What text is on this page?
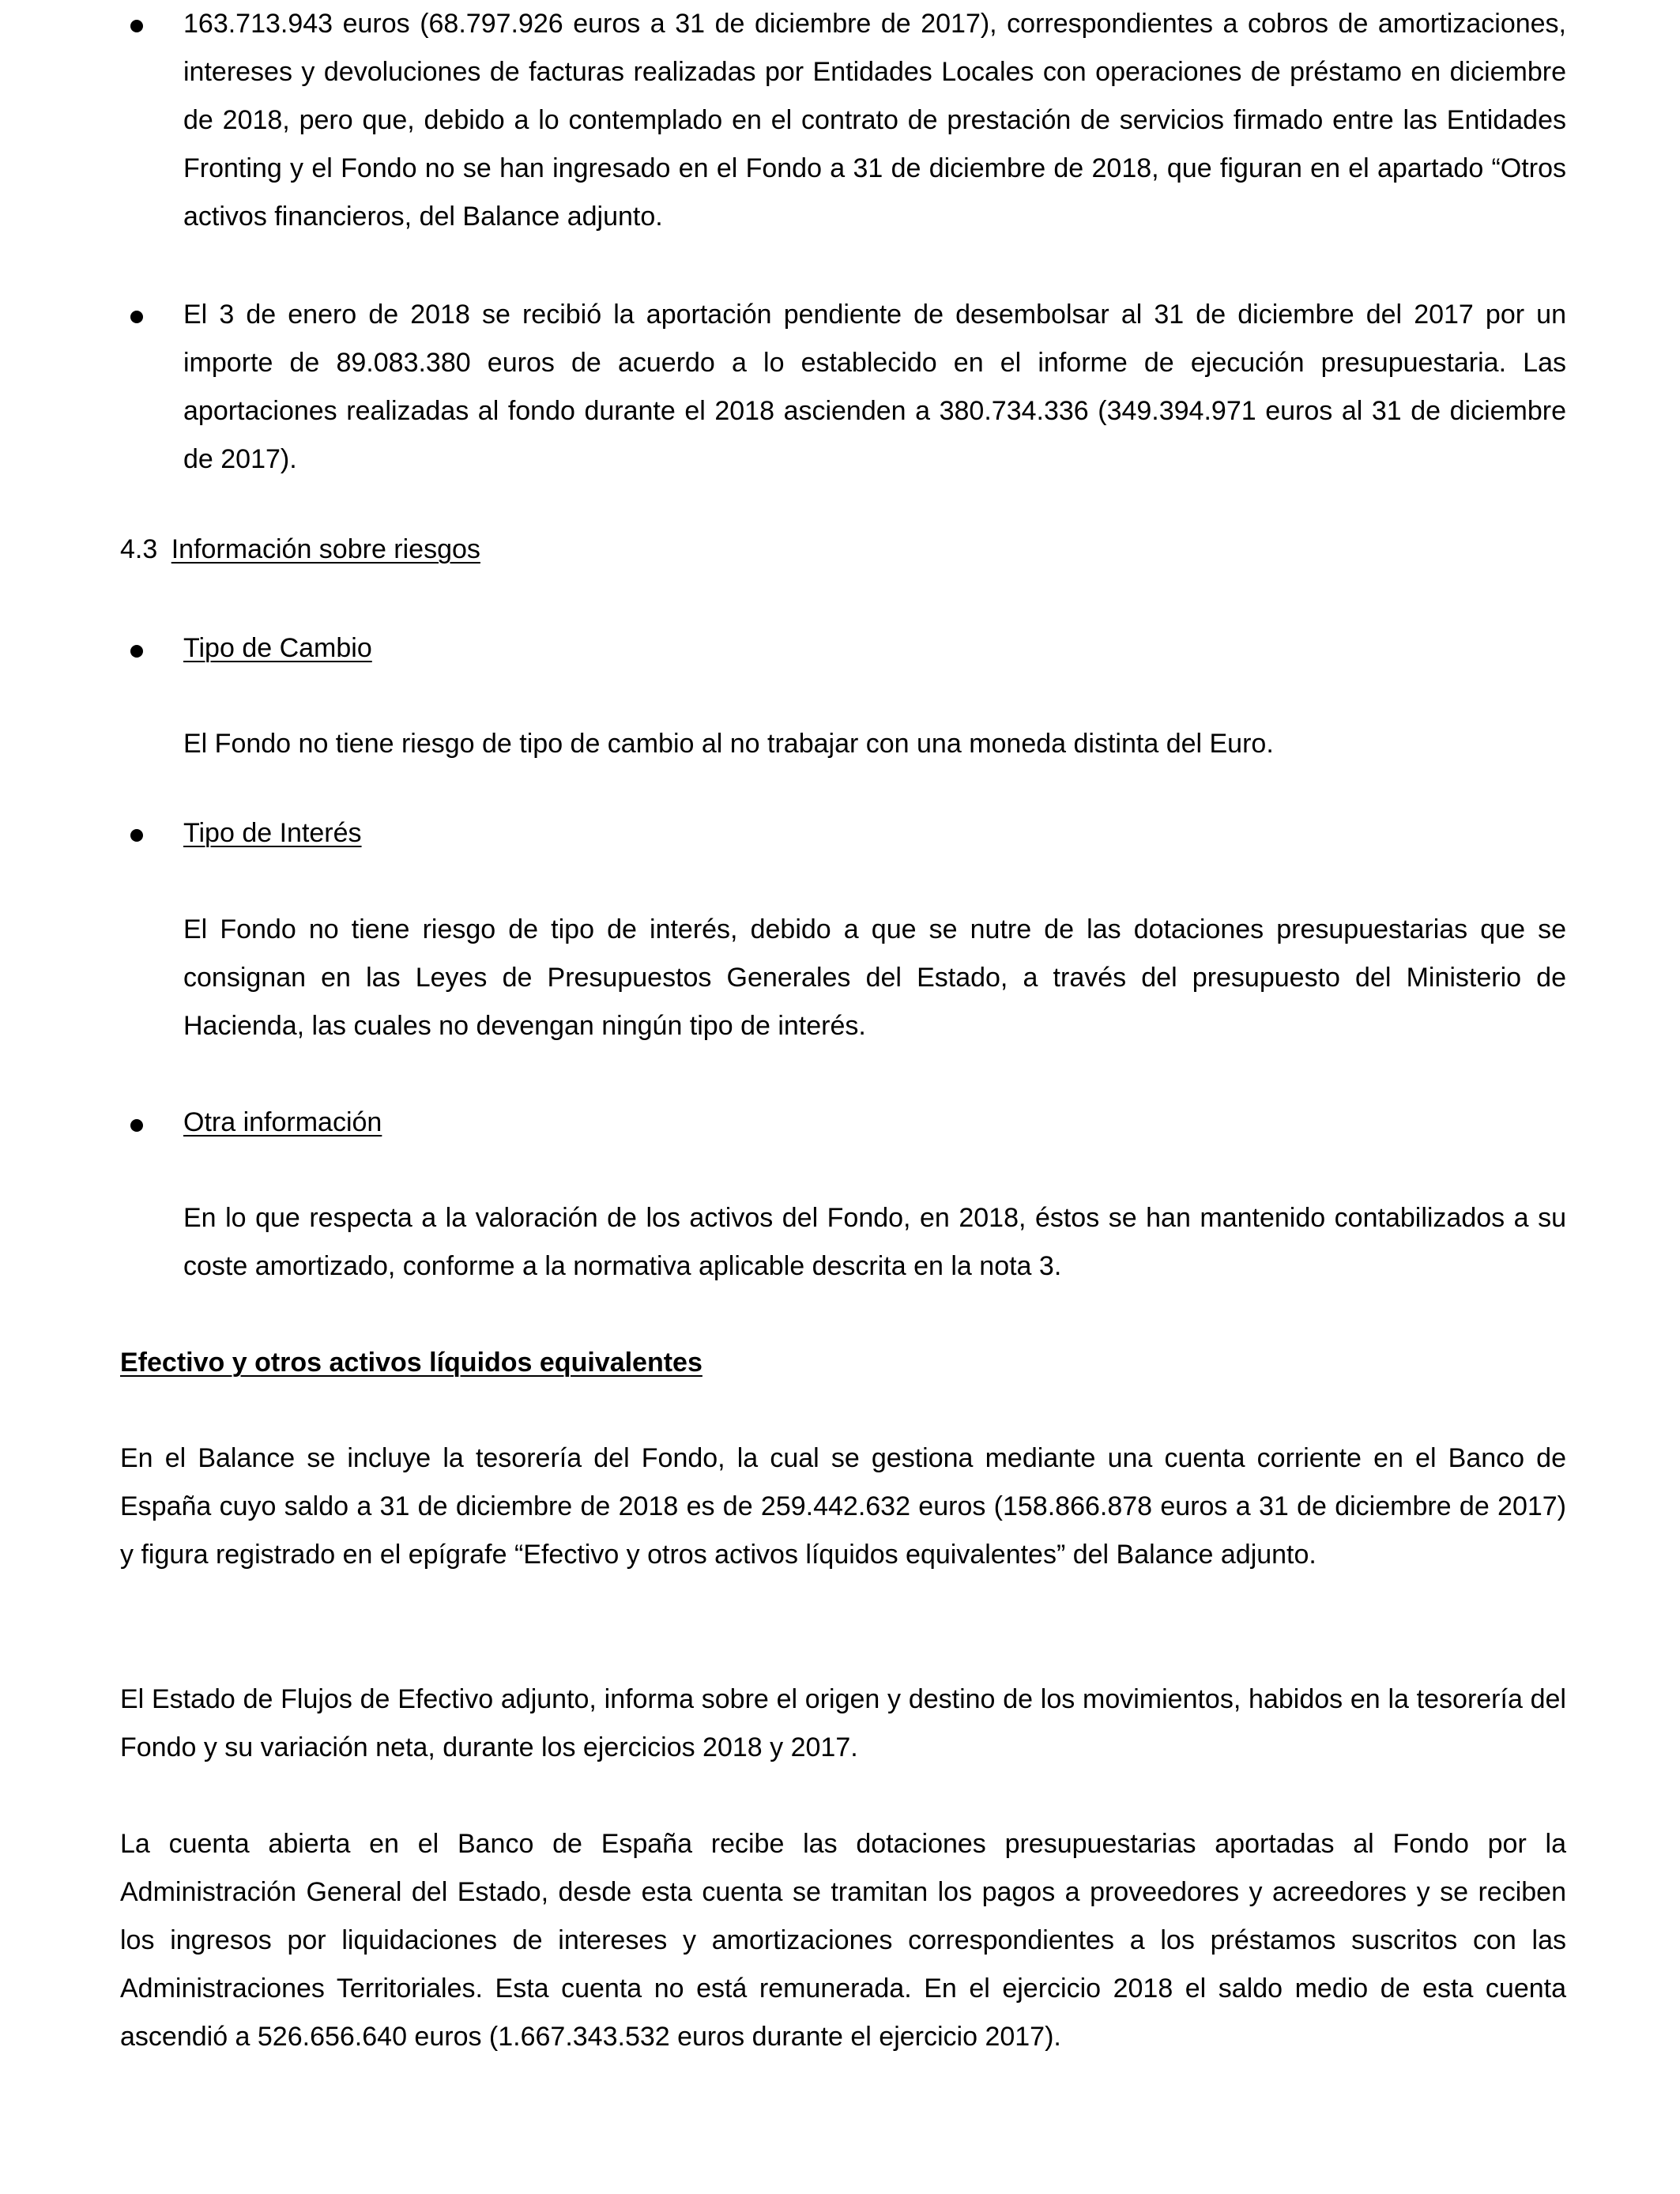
163.713.943 euros (68.797.926 euros a 31 de diciembre de 2017), correspondientes a cobros de amortizaciones, intereses y devoluciones de facturas realizadas por Entidades Locales con operaciones de préstamo en diciembre de 2018, pero que, debido a lo contemplado en el contrato de prestación de servicios firmado entre las Entidades Fronting y el Fondo no se han ingresado en el Fondo a 31 de diciembre de 2018, que figuran en el apartado “Otros activos financieros, del Balance adjunto.
El 3 de enero de 2018 se recibió la aportación pendiente de desembolsar al 31 de diciembre del 2017 por un importe de 89.083.380 euros de acuerdo a lo establecido en el informe de ejecución presupuestaria. Las aportaciones realizadas al fondo durante el 2018 ascienden a 380.734.336 (349.394.971 euros al 31 de diciembre de 2017).
4.3 Información sobre riesgos
Tipo de Cambio
El Fondo no tiene riesgo de tipo de cambio al no trabajar con una moneda distinta del Euro.
Tipo de Interés
El Fondo no tiene riesgo de tipo de interés, debido a que se nutre de las dotaciones presupuestarias que se consignan en las Leyes de Presupuestos Generales del Estado, a través del presupuesto del Ministerio de Hacienda, las cuales no devengan ningún tipo de interés.
Otra información
En lo que respecta a la valoración de los activos del Fondo, en 2018, éstos se han mantenido contabilizados a su coste amortizado, conforme a la normativa aplicable descrita en la nota 3.
Efectivo y otros activos líquidos equivalentes
En el Balance se incluye la tesorería del Fondo, la cual se gestiona mediante una cuenta corriente en el Banco de España cuyo saldo a 31 de diciembre de 2018 es de 259.442.632 euros (158.866.878 euros a 31 de diciembre de 2017) y figura registrado en el epígrafe “Efectivo y otros activos líquidos equivalentes” del Balance adjunto.
El Estado de Flujos de Efectivo adjunto, informa sobre el origen y destino de los movimientos, habidos en la tesorería del Fondo y su variación neta, durante los ejercicios 2018 y 2017.
La cuenta abierta en el Banco de España recibe las dotaciones presupuestarias aportadas al Fondo por la Administración General del Estado, desde esta cuenta se tramitan los pagos a proveedores y acreedores y se reciben los ingresos por liquidaciones de intereses y amortizaciones correspondientes a los préstamos suscritos con las Administraciones Territoriales. Esta cuenta no está remunerada. En el ejercicio 2018 el saldo medio de esta cuenta ascendió a 526.656.640 euros (1.667.343.532 euros durante el ejercicio 2017).
